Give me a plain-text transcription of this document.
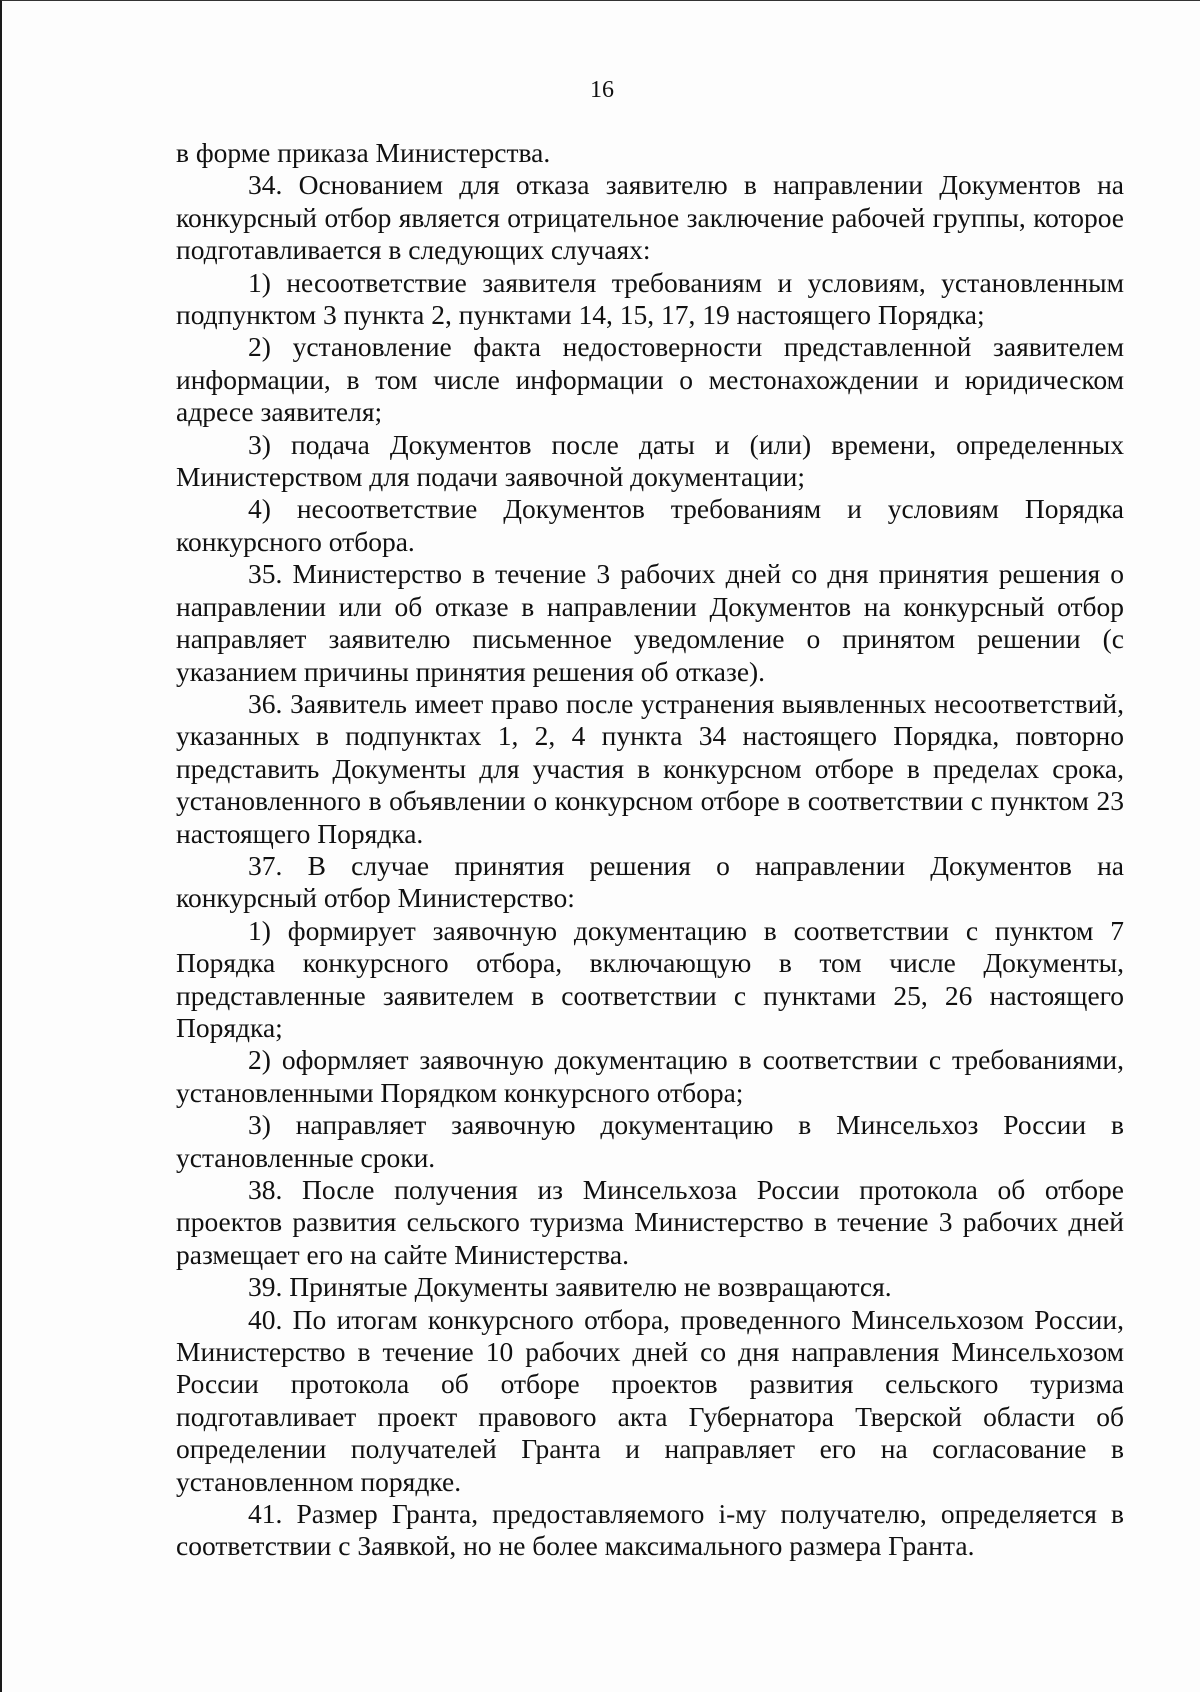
16

в форме приказа Министерства.

34. Основанием для отказа заявителю в направлении Документов на конкурсный отбор является отрицательное заключение рабочей группы, которое подготавливается в следующих случаях:

1) несоответствие заявителя требованиям и условиям, установленным подпунктом 3 пункта 2, пунктами 14, 15, 17, 19 настоящего Порядка;

2) установление факта недостоверности представленной заявителем информации, в том числе информации о местонахождении и юридическом адресе заявителя;

3) подача Документов после даты и (или) времени, определенных Министерством для подачи заявочной документации;

4) несоответствие Документов требованиям и условиям Порядка конкурсного отбора.

35. Министерство в течение 3 рабочих дней со дня принятия решения о направлении или об отказе в направлении Документов на конкурсный отбор направляет заявителю письменное уведомление о принятом решении (с указанием причины принятия решения об отказе).

36. Заявитель имеет право после устранения выявленных несоответствий, указанных в подпунктах 1, 2, 4 пункта 34 настоящего Порядка, повторно представить Документы для участия в конкурсном отборе в пределах срока, установленного в объявлении о конкурсном отборе в соответствии с пунктом 23 настоящего Порядка.

37. В случае принятия решения о направлении Документов на конкурсный отбор Министерство:

1) формирует заявочную документацию в соответствии с пунктом 7 Порядка конкурсного отбора, включающую в том числе Документы, представленные заявителем в соответствии с пунктами 25, 26 настоящего Порядка;

2) оформляет заявочную документацию в соответствии с требованиями, установленными Порядком конкурсного отбора;

3) направляет заявочную документацию в Минсельхоз России в установленные сроки.

38. После получения из Минсельхоза России протокола об отборе проектов развития сельского туризма Министерство в течение 3 рабочих дней размещает его на сайте Министерства.

39. Принятые Документы заявителю не возвращаются.

40. По итогам конкурсного отбора, проведенного Минсельхозом России, Министерство в течение 10 рабочих дней со дня направления Минсельхозом России протокола об отборе проектов развития сельского туризма подготавливает проект правового акта Губернатора Тверской области об определении получателей Гранта и направляет его на согласование в установленном порядке.

41. Размер Гранта, предоставляемого i-му получателю, определяется в соответствии с Заявкой, но не более максимального размера Гранта.
